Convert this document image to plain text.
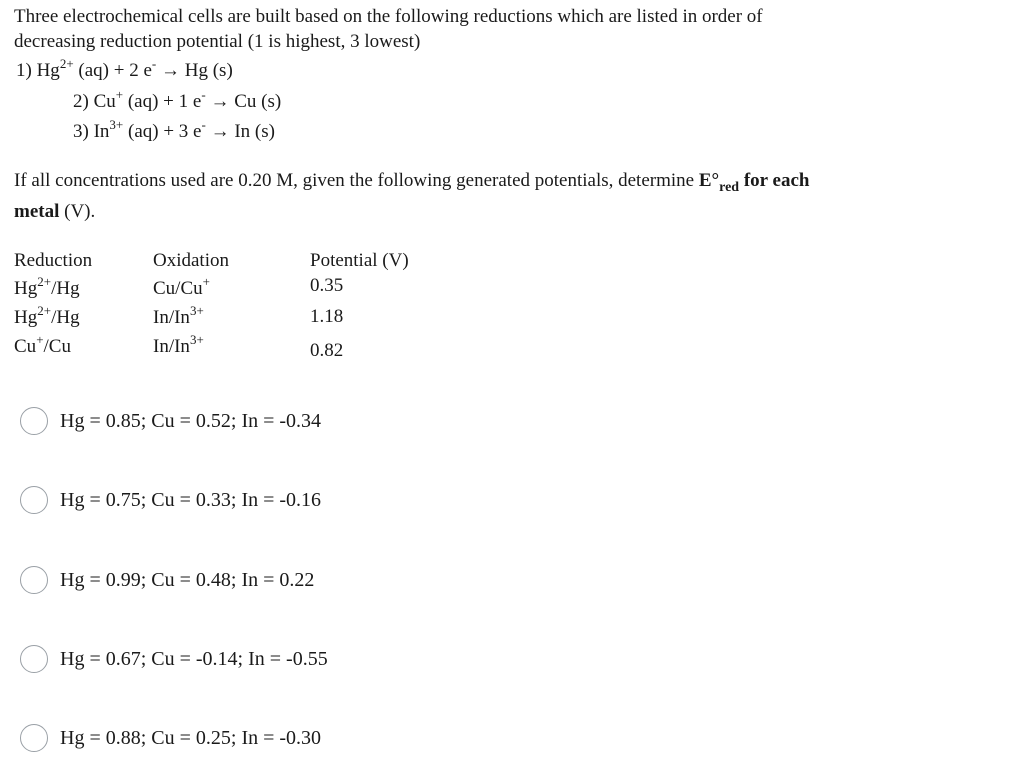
Three electrochemical cells are built based on the following reductions which are listed in order of
decreasing reduction potential (1 is highest, 3 lowest)
1) $Hg^{2+}$ (aq) + 2 e- → Hg (s)
2) Cu+ (aq) + 1 e- → Cu (s)
3) $In^{3+}$ (aq) + 3 e- → In (s)
If all concentrations used are 0.20 M, given the following generated potentials, determine $E^\circ_{red}$ for each
metal (V).
Reduction
$Hg^{2+}/Hg$
$Hg^{2+}/Hg$
Cu+/Cu
Oxidation
Cu/Cu+
$In/In^{3+}$
$In/In^{3+}$
Potential (V)
0.35
1.18
0.82
Hg = 0.85; Cu = 0.52; In = -0.34
Hg = 0.75; Cu = 0.33; In = -0.16
Hg = 0.99; Cu = 0.48; In = 0.22
Hg = 0.67; Cu = -0.14; In = -0.55
Hg = 0.88; Cu = 0.25; In = -0.30
